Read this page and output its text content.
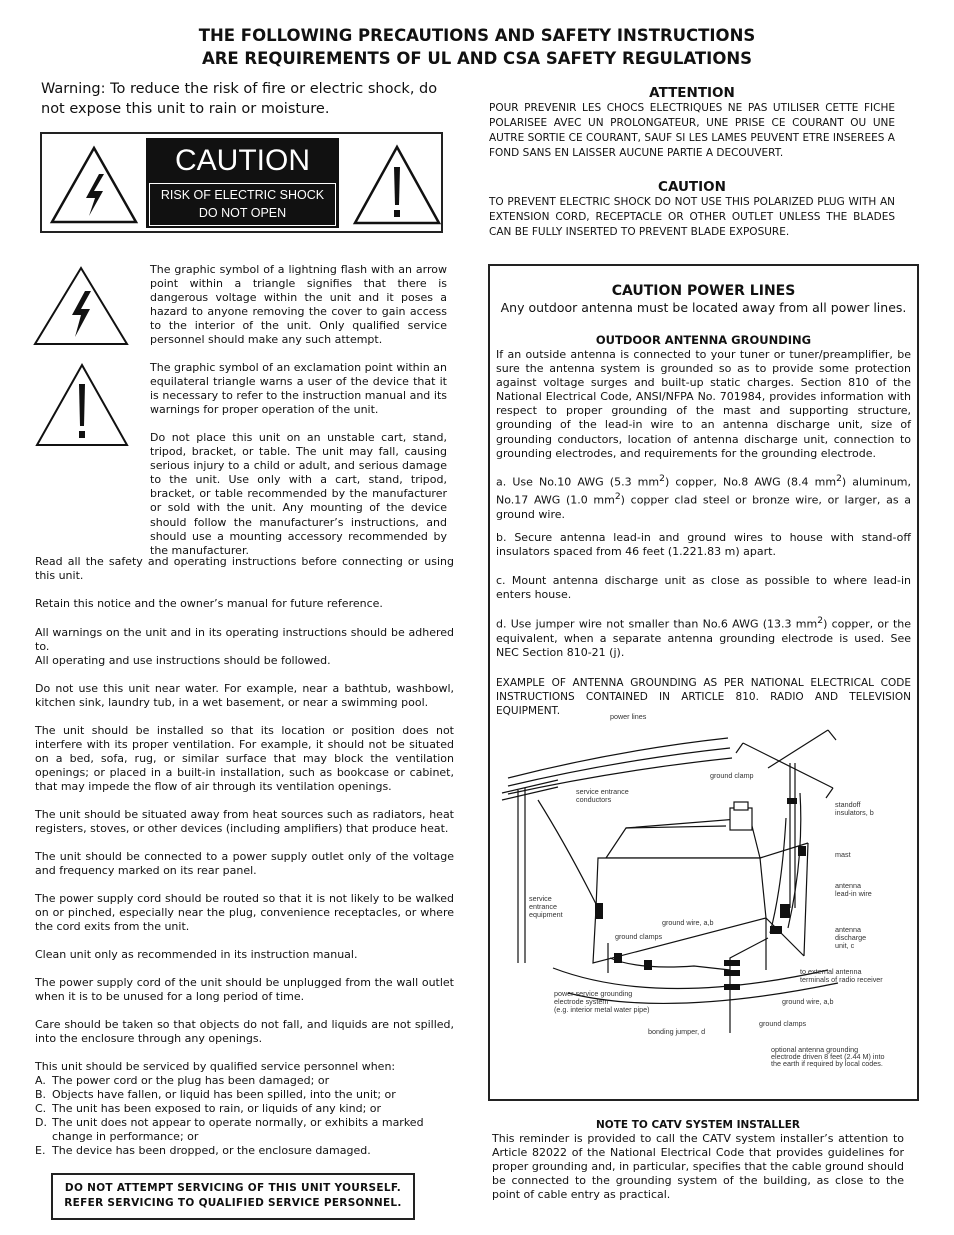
THE FOLLOWING PRECAUTIONS AND SAFETY INSTRUCTIONS
ARE REQUIREMENTS OF UL AND CSA SAFETY REGULATIONS
Warning: To reduce the risk of fire or electric shock, do not expose this unit to rain or moisture.
CAUTION
RISK OF ELECTRIC SHOCK
DO NOT OPEN
The graphic symbol of a lightning flash with an arrow point within a triangle signifies that there is dangerous voltage within the unit and it poses a hazard to anyone removing the cover to gain access to the interior of the unit. Only qualified service personnel should make any such attempt.
The graphic symbol of an exclamation point within an equilateral triangle warns a user of the device that it is necessary to refer to the instruction manual and its warnings for proper operation of the unit.
Do not place this unit on an unstable cart, stand, tripod, bracket, or table. The unit may fall, causing serious injury to a child or adult, and serious damage to the unit. Use only with a cart, stand, tripod, bracket, or table recommended by the manufacturer or sold with the unit. Any mounting of the device should follow the manufacturer’s instructions, and should use a mounting accessory recommended by the manufacturer.
Read all the safety and operating instructions before connecting or using this unit.
Retain this notice and the owner’s manual for future reference.
All warnings on the unit and in its operating instructions should be adhered to.
All operating and use instructions should be followed.
Do not use this unit near water. For example, near a bathtub, washbowl, kitchen sink, laundry tub, in a wet basement, or near a swimming pool.
The unit should be installed so that its location or position does not interfere with its proper ventilation. For example, it should not be situated on a bed, sofa, rug, or similar surface that may block the ventilation openings; or placed in a built-in installation, such as bookcase or cabinet, that may impede the flow of air through its ventilation openings.
The unit should be situated away from heat sources such as radiators, heat registers, stoves, or other devices (including amplifiers) that produce heat.
The unit should be connected to a power supply outlet only of the voltage and frequency marked on its rear panel.
The power supply cord should be routed so that it is not likely to be walked on or pinched, especially near the plug, convenience receptacles, or where the cord exits from the unit.
Clean unit only as recommended in its instruction manual.
The power supply cord of the unit should be unplugged from the wall outlet when it is to be unused for a long period of time.
Care should be taken so that objects do not fall, and liquids are not spilled, into the enclosure through any openings.
This unit should be serviced by qualified service personnel when:
A. The power cord or the plug has been damaged; or
B. Objects have fallen, or liquid has been spilled, into the unit; or
C. The unit has been exposed to rain, or liquids of any kind; or
D. The unit does not appear to operate normally, or exhibits a marked change in performance; or
E. The device has been dropped, or the enclosure damaged.
DO NOT ATTEMPT SERVICING OF THIS UNIT YOURSELF.
REFER SERVICING TO QUALIFIED SERVICE PERSONNEL.
ATTENTION
POUR PREVENIR LES CHOCS ELECTRIQUES NE PAS UTILISER CETTE FICHE POLARISEE AVEC UN PROLONGATEUR, UNE PRISE CE COURANT OU UNE AUTRE SORTIE CE COURANT, SAUF SI LES LAMES PEUVENT ETRE INSEREES A FOND SANS EN LAISSER AUCUNE PARTIE A DECOUVERT.
CAUTION
TO PREVENT ELECTRIC SHOCK DO NOT USE THIS POLARIZED PLUG WITH AN EXTENSION CORD, RECEPTACLE OR OTHER OUTLET UNLESS THE BLADES CAN BE FULLY INSERTED TO PREVENT BLADE EXPOSURE.
CAUTION POWER LINES
Any outdoor antenna must be located away from all power lines.
OUTDOOR ANTENNA GROUNDING
If an outside antenna is connected to your tuner or tuner/preamplifier, be sure the antenna system is grounded so as to provide some protection against voltage surges and built-up static charges. Section 810 of the National Electrical Code, ANSI/NFPA No. 701984, provides information with respect to proper grounding of the mast and supporting structure, grounding of the lead-in wire to an antenna discharge unit, size of grounding conductors, location of antenna discharge unit, connection to grounding electrodes, and requirements for the grounding electrode.
a. Use No.10 AWG (5.3 $mm^2$) copper, No.8 AWG (8.4 $mm^2$) aluminum, No.17 AWG (1.0 $mm^2$) copper clad steel or bronze wire, or larger, as a ground wire.
b. Secure antenna lead-in and ground wires to house with stand-off insulators spaced from 46 feet (1.221.83 m) apart.
c. Mount antenna discharge unit as close as possible to where lead-in enters house.
d. Use jumper wire not smaller than No.6 AWG (13.3 $mm^2$) copper, or the equivalent, when a separate antenna grounding electrode is used. See NEC Section 810-21 (j).
EXAMPLE OF ANTENNA GROUNDING AS PER NATIONAL ELECTRICAL CODE INSTRUCTIONS CONTAINED IN ARTICLE 810. RADIO AND TELEVISION EQUIPMENT.	power lines
ground clamp
service entrance
conductors
standoff
insulators, b
mast
antenna
lead-in wire
service
entrance
equipment
ground wire, a,b
ground clamps
antenna
discharge
unit, c
to external antenna
terminals of radio receiver
power service grounding
electrode system
(e.g. interior metal water pipe)
ground wire, a,b
bonding jumper, d
ground clamps
optional antenna grounding
electrode driven 8 feet (2.44 M) into
the earth if required by local codes.
NOTE TO CATV SYSTEM INSTALLER
This reminder is provided to call the CATV system installer’s attention to Article 82022 of the National Electrical Code that provides guidelines for proper grounding and, in particular, specifies that the cable ground should be connected to the grounding system of the building, as close to the point of cable entry as practical.
